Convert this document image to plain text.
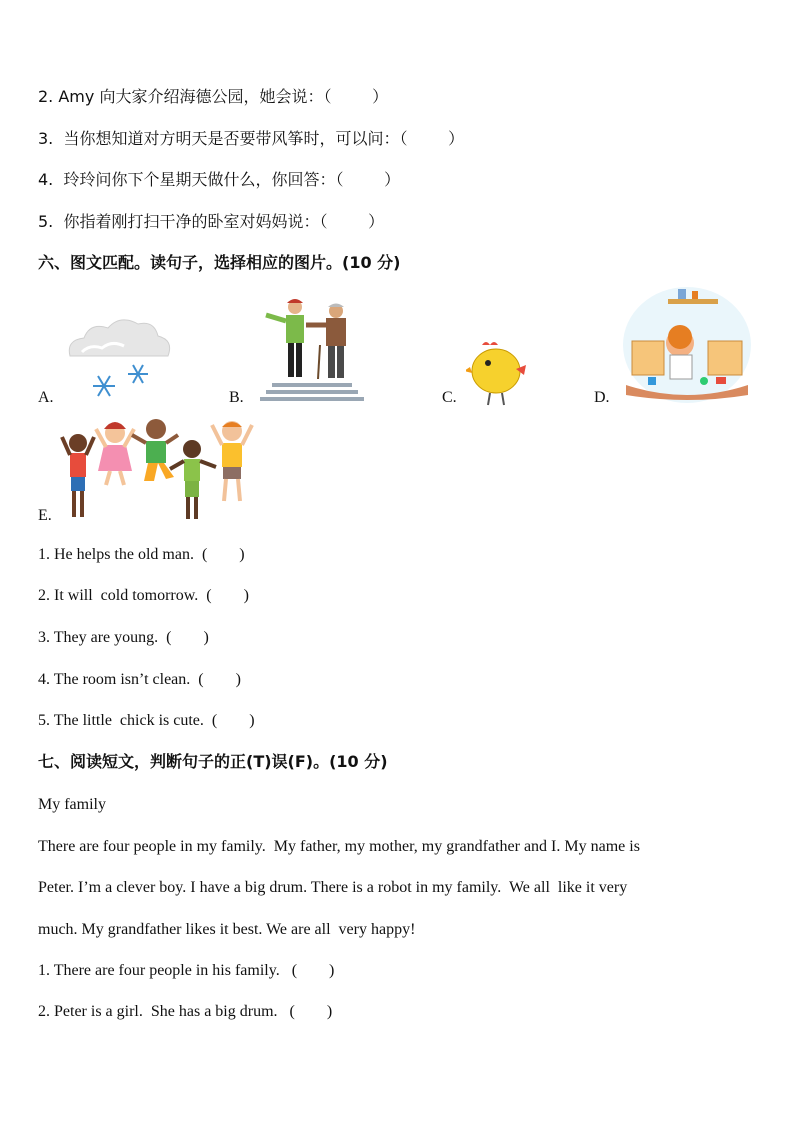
2. Amy 向大家介绍海德公园，她会说：（        ）
3.  当你想知道对方明天是否要带风筝时，可以问：（        ）
4.  玲玲问你下个星期天做什么，你回答：（        ）
5.  你指着刚打扫干净的卧室对妈妈说：（        ）
六、图文匹配。读句子，选择相应的图片。(10 分)
A.	B.	C.	D.
E.
1. He helps the old man.  (        )
2. It will  cold tomorrow.  (        )
3. They are young.  (        )
4. The room isn’t clean.  (        )
5. The little  chick is cute.  (        )
七、阅读短文，判断句子的正(T)误(F)。(10 分)
My family
There are four people in my family.  My father, my mother, my grandfather and I. My name is
Peter. I’m a clever boy. I have a big drum. There is a robot in my family.  We all  like it very
much. My grandfather likes it best. We are all  very happy!
1. There are four people in his family.   (        )
2. Peter is a girl.  She has a big drum.   (        )
